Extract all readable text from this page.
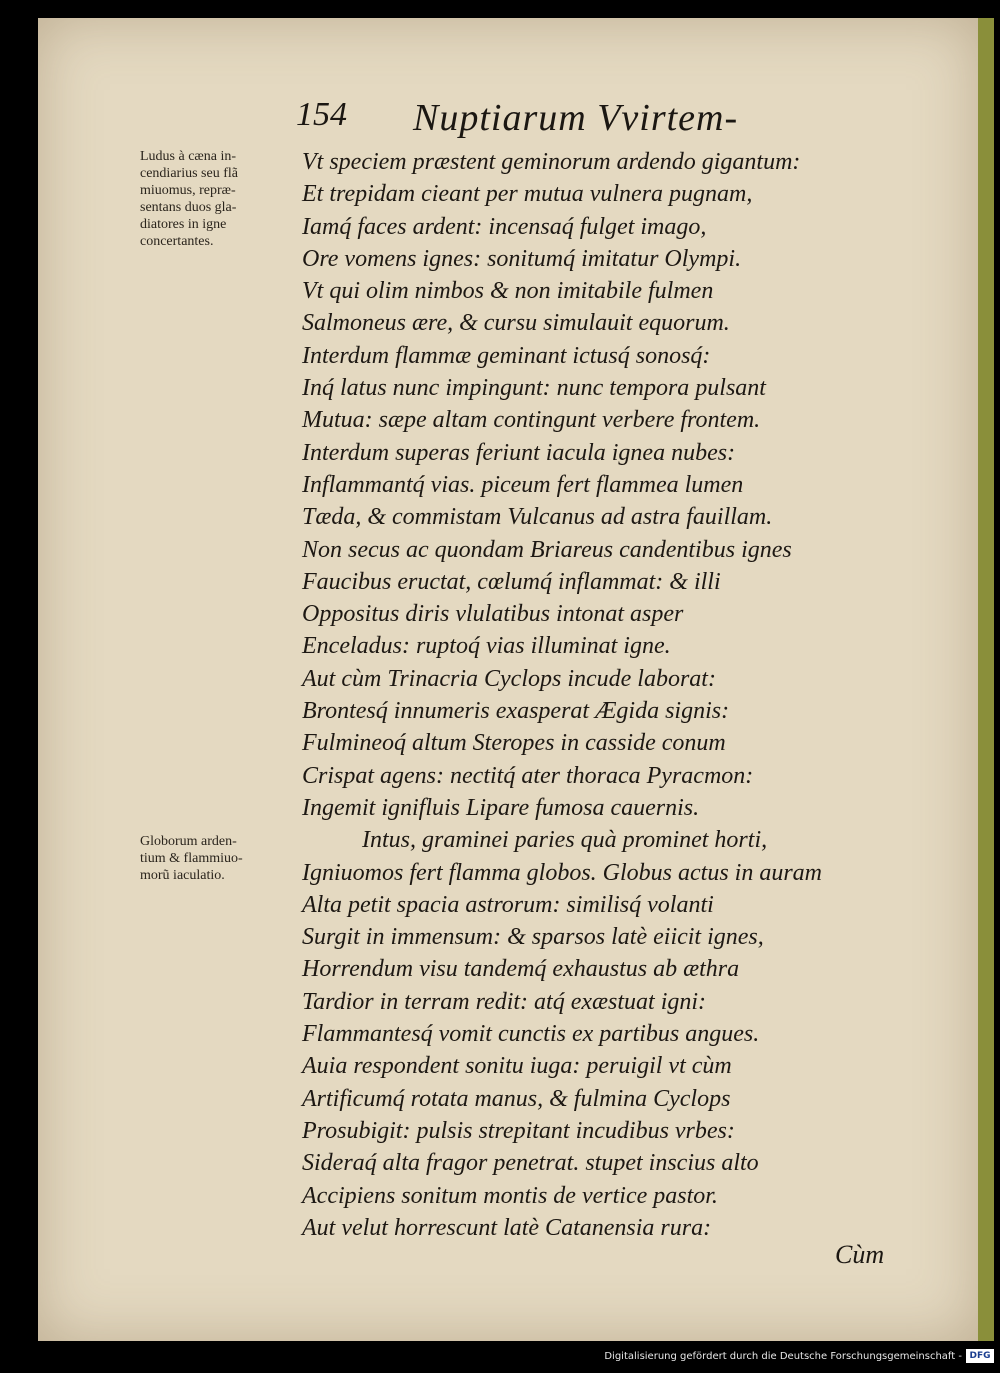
154 Nuptiarum Vvirtem-
Ludus à cæna in-
cendiarius seu flã
miuomus, repræ-
sentans duos gla-
diatores in igne
concertantes.
Globorum arden-
tium & flammiuo-
morũ iaculatio.
Vt speciem præstent geminorum ardendo gigantum:
Et trepidam cieant per mutua vulnera pugnam,
Iamq́ faces ardent: incensaq́ fulget imago,
Ore vomens ignes: sonitumq́ imitatur Olympi.
Vt qui olim nimbos & non imitabile fulmen
Salmoneus ære, & cursu simulauit equorum.
Interdum flammæ geminant ictusq́ sonosq́:
Inq́ latus nunc impingunt: nunc tempora pulsant
Mutua: sæpe altam contingunt verbere frontem.
Interdum superas feriunt iacula ignea nubes:
Inflammantq́ vias. piceum fert flammea lumen
Tæda, & commistam Vulcanus ad astra fauillam.
Non secus ac quondam Briareus candentibus ignes
Faucibus eructat, cœlumq́ inflammat: & illi
Oppositus diris vlulatibus intonat asper
Enceladus: ruptoq́ vias illuminat igne.
Aut cùm Trinacria Cyclops incude laborat:
Brontesq́ innumeris exasperat Ægida signis:
Fulmineoq́ altum Steropes in casside conum
Crispat agens: nectitq́ ater thoraca Pyracmon:
Ingemit ignifluis Lipare fumosa cauernis.
Intus, graminei paries quà prominet horti,
Igniuomos fert flamma globos. Globus actus in auram
Alta petit spacia astrorum: similisq́ volanti
Surgit in immensum: & sparsos latè eiicit ignes,
Horrendum visu tandemq́ exhaustus ab æthra
Tardior in terram redit: atq́ exæstuat igni:
Flammantesq́ vomit cunctis ex partibus angues.
Auia respondent sonitu iuga: peruigil vt cùm
Artificumq́ rotata manus, & fulmina Cyclops
Prosubigit: pulsis strepitant incudibus vrbes:
Sideraq́ alta fragor penetrat. stupet inscius alto
Accipiens sonitum montis de vertice pastor.
Aut velut horrescunt latè Catanensia rura:
Cùm
Digitalisierung gefördert durch die Deutsche Forschungsgemeinschaft - DFG
